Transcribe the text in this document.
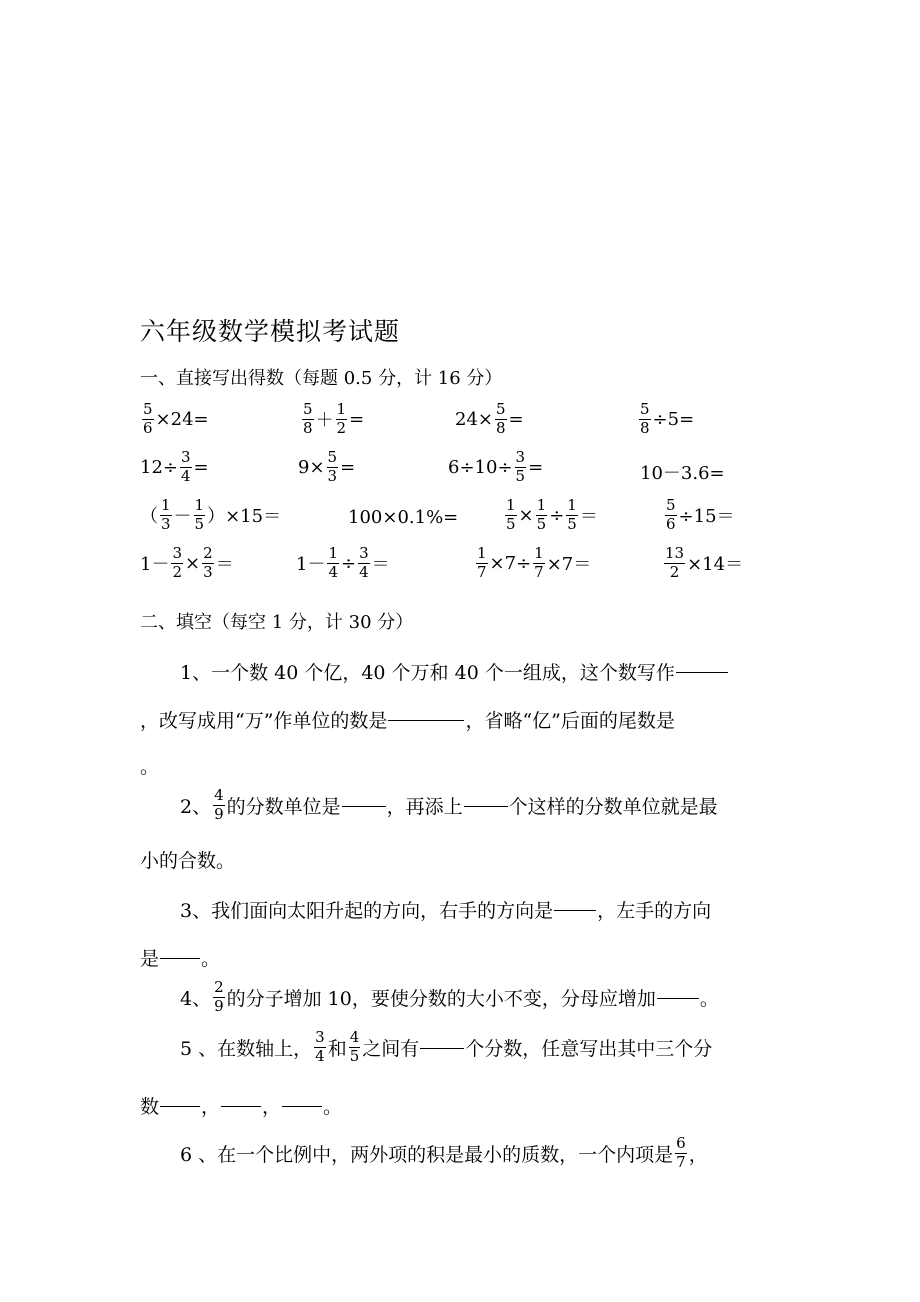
六年级数学模拟考试题
一、直接写出得数（每题 0.5 分，计 16 分）
$\frac{5}{6} \times 24=$	$\frac{5}{8} + \frac{1}{2}$ =	$24\times \frac{5}{8}$ =	$\frac{5}{8} \div 5=$
$12\div \frac{3}{4}$ =	$9\times \frac{5}{3}$ =	$6\div 10\div \frac{3}{5}$ =	10－3.6=
（ $\frac{1}{3} - \frac{1}{5} )\times 15=$	100×0.1%=	$\frac{1}{5} \times \frac{1}{5} \div \frac{1}{5}$ ＝	$\frac{5}{6} \div 15=$
$1- \frac{3}{2} \times \frac{2}{3}$ ＝	$1- \frac{1}{4} \div \frac{3}{4}$ ＝	$\frac{1}{7} \times 7\div \frac{1}{7} \times 7=$	$\frac{13}{2} \times 14=$
二、填空（每空 1 分，计 30 分）
1、一个数 40 个亿，40 个万和 40 个一组成，这个数写作
，改写成用“万”作单位的数是	，省略“亿”后面的尾数是
。
2、 $\frac{4}{9}$ 的分数单位是 ，再添上 个这样的分数单位就是最
小的合数。
3、我们面向太阳升起的方向，右手的方向是 ，左手的方向
是 。
4、 $\frac{2}{9}$ 的分子增加 10，要使分数的大小不变，分母应增加 。
5 、在数轴上， $\frac{3}{4}$ 和 $\frac{4}{5}$ 之间有 个分数，任意写出其中三个分
数 ， ， 。
6 、在一个比例中，两外项的积是最小的质数，一个内项是 $\frac{6}{7}$ ，
